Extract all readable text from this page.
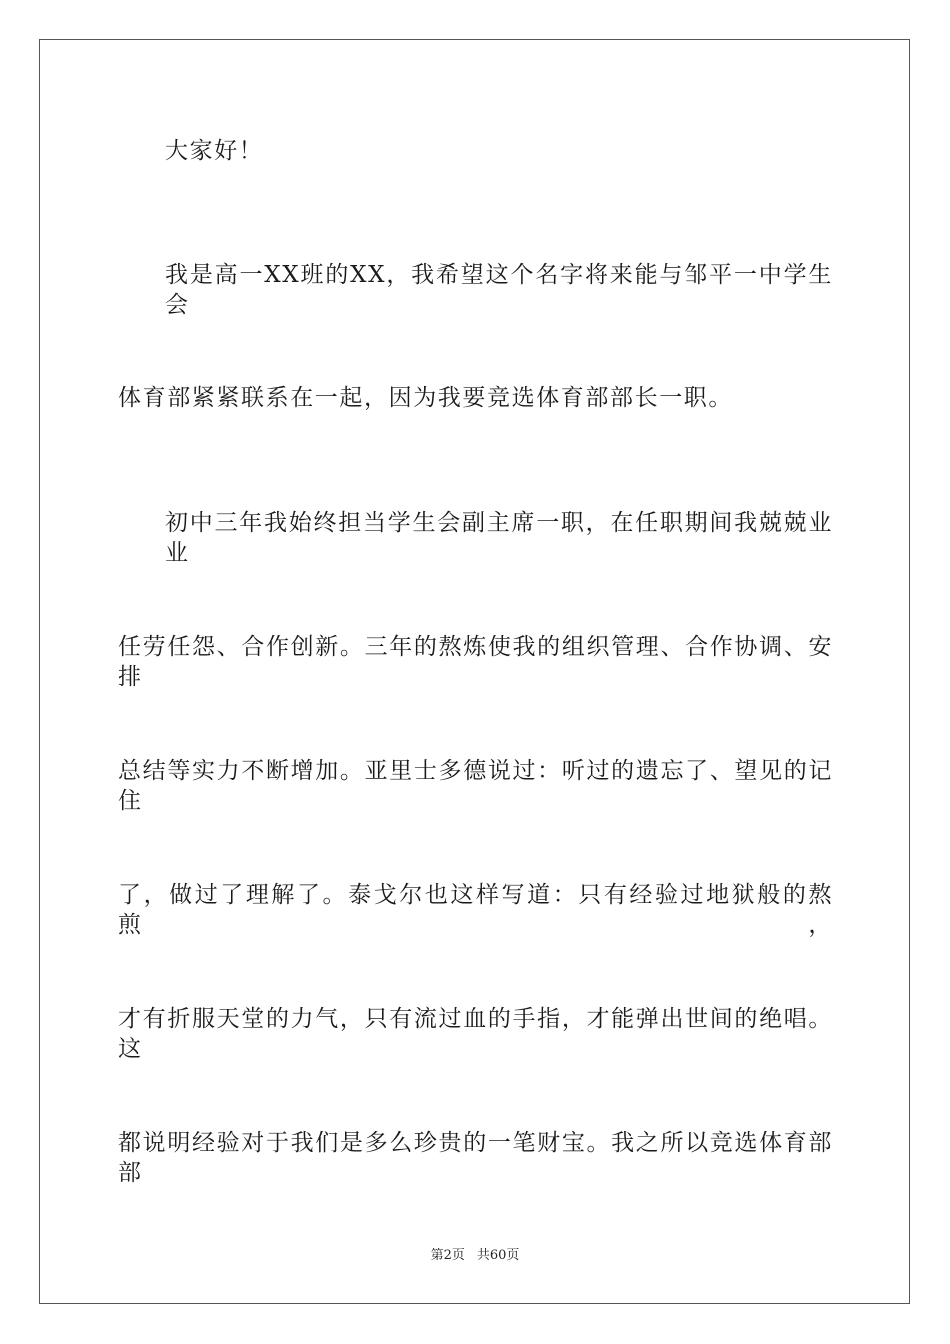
大家好！
我是高一XX班的XX，我希望这个名字将来能与邹平一中学生会
体育部紧紧联系在一起，因为我要竞选体育部部长一职。
初中三年我始终担当学生会副主席一职，在任职期间我兢兢业业
任劳任怨、合作创新。三年的熬炼使我的组织管理、合作协调、安排
总结等实力不断增加。亚里士多德说过：听过的遗忘了、望见的记住
了，做过了理解了。泰戈尔也这样写道：只有经验过地狱般的熬煎，
才有折服天堂的力气，只有流过血的手指，才能弹出世间的绝唱。这
都说明经验对于我们是多么珍贵的一笔财宝。我之所以竞选体育部部
第2页 共60页
